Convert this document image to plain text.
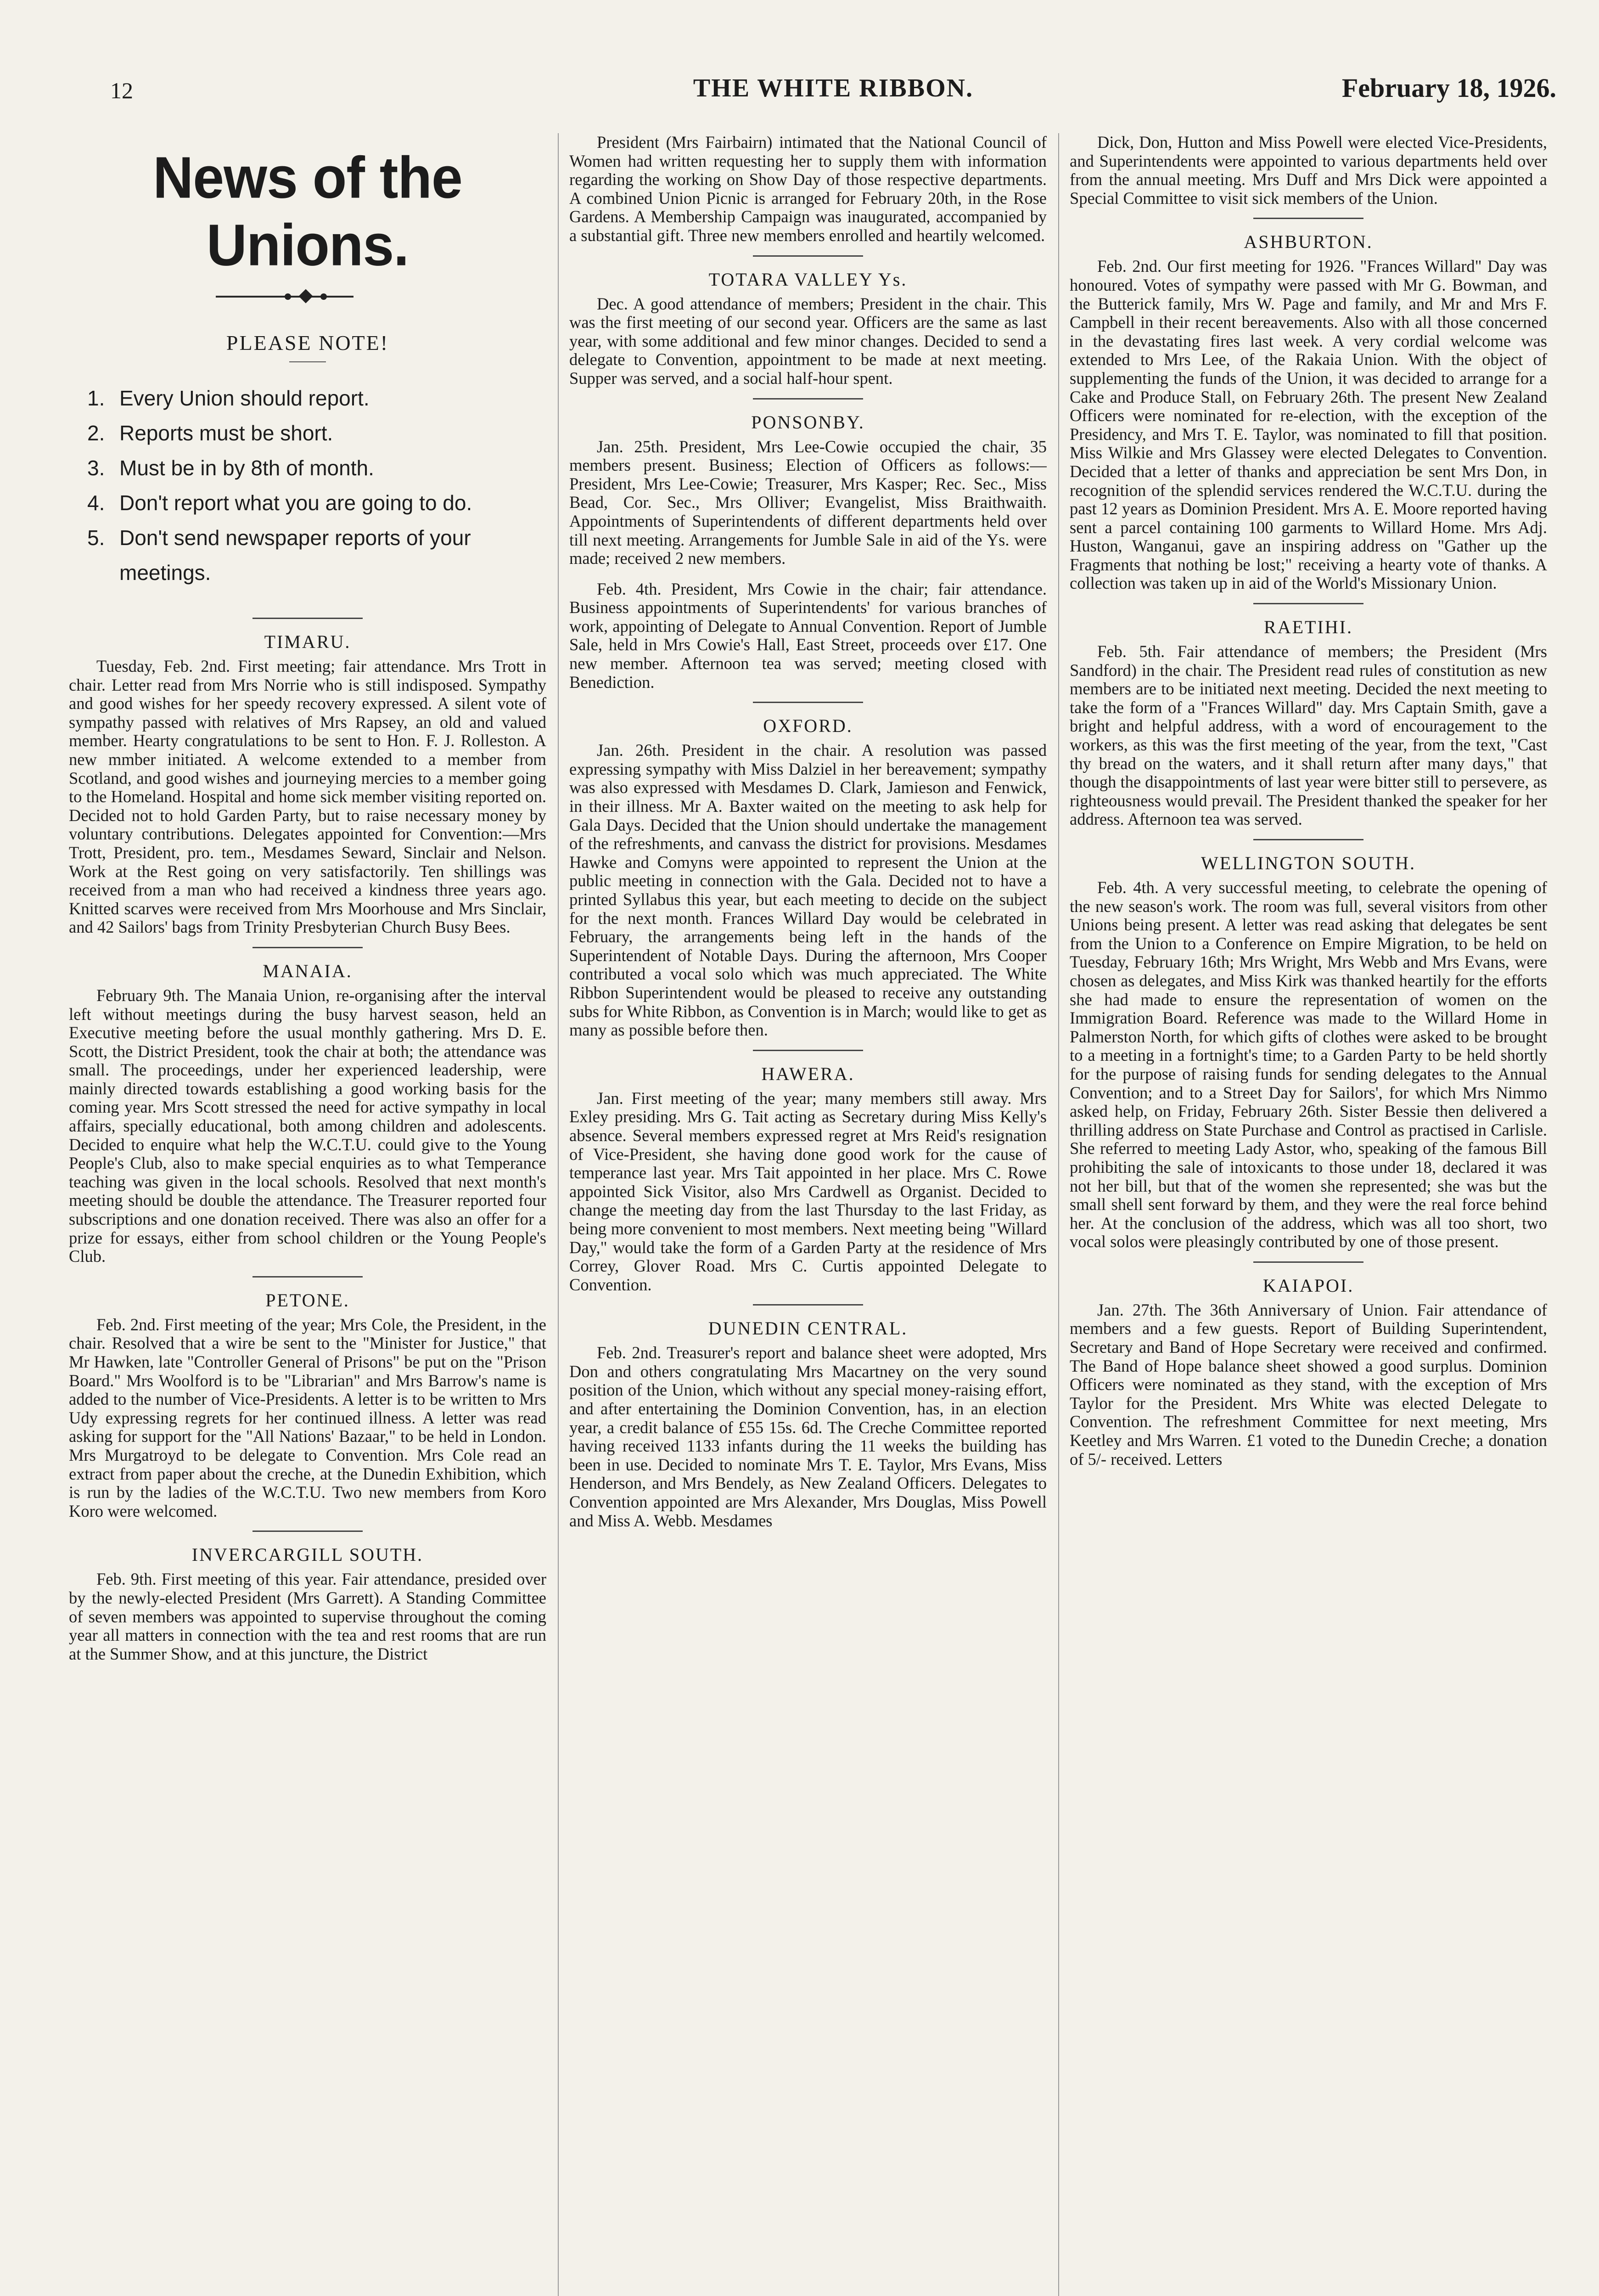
12	THE WHITE RIBBON.	February 18, 1926.
News of the Unions.
PLEASE NOTE!
1. Every Union should report.
2. Reports must be short.
3. Must be in by 8th of month.
4. Don't report what you are going to do.
5. Don't send newspaper reports of your meetings.
TIMARU.

Tuesday, Feb. 2nd. First meeting; fair attendance. Mrs Trott in chair. Letter read from Mrs Norrie who is still indisposed. Sympathy and good wishes for her speedy recovery expressed. A silent vote of sympathy passed with relatives of Mrs Rapsey, an old and valued member. Hearty congratulations to be sent to Hon. F. J. Rolleston. A new mmber initiated. A welcome extended to a member from Scotland, and good wishes and journeying mercies to a member going to the Homeland. Hospital and home sick member visiting reported on. Decided not to hold Garden Party, but to raise necessary money by voluntary contributions. Delegates appointed for Convention:—Mrs Trott, President, pro. tem., Mesdames Seward, Sinclair and Nelson. Work at the Rest going on very satisfactorily. Ten shillings was received from a man who had received a kindness three years ago. Knitted scarves were received from Mrs Moorhouse and Mrs Sinclair, and 42 Sailors' bags from Trinity Presbyterian Church Busy Bees.

MANAIA.

February 9th. The Manaia Union, re-organising after the interval left without meetings during the busy harvest season, held an Executive meeting before the usual monthly gathering. Mrs D. E. Scott, the District President, took the chair at both; the attendance was small. The proceedings, under her experienced leadership, were mainly directed towards establishing a good working basis for the coming year. Mrs Scott stressed the need for active sympathy in local affairs, specially educational, both among children and adolescents. Decided to enquire what help the W.C.T.U. could give to the Young People's Club, also to make special enquiries as to what Temperance teaching was given in the local schools. Resolved that next month's meeting should be double the attendance. The Treasurer reported four subscriptions and one donation received. There was also an offer for a prize for essays, either from school children or the Young People's Club.

PETONE.

Feb. 2nd. First meeting of the year; Mrs Cole, the President, in the chair. Resolved that a wire be sent to the "Minister for Justice," that Mr Hawken, late "Controller General of Prisons" be put on the "Prison Board." Mrs Woolford is to be "Librarian" and Mrs Barrow's name is added to the number of Vice-Presidents. A letter is to be written to Mrs Udy expressing regrets for her continued illness. A letter was read asking for support for the "All Nations' Bazaar," to be held in London. Mrs Murgatroyd to be delegate to Convention. Mrs Cole read an extract from paper about the creche, at the Dunedin Exhibition, which is run by the ladies of the W.C.T.U. Two new members from Koro Koro were welcomed.

INVERCARGILL SOUTH.

Feb. 9th. First meeting of this year. Fair attendance, presided over by the newly-elected President (Mrs Garrett). A Standing Committee of seven members was appointed to supervise throughout the coming year all matters in connection with the tea and rest rooms that are run at the Summer Show, and at this juncture, the District

President (Mrs Fairbairn) intimated that the National Council of Women had written requesting her to supply them with information regarding the working on Show Day of those respective departments. A combined Union Picnic is arranged for February 20th, in the Rose Gardens. A Membership Campaign was inaugurated, accompanied by a substantial gift. Three new members enrolled and heartily welcomed.

TOTARA VALLEY Ys.

Dec. A good attendance of members; President in the chair. This was the first meeting of our second year. Officers are the same as last year, with some additional and few minor changes. Decided to send a delegate to Convention, appointment to be made at next meeting. Supper was served, and a social half-hour spent.

PONSONBY.

Jan. 25th. President, Mrs Lee-Cowie occupied the chair, 35 members present. Business; Election of Officers as follows:—President, Mrs Lee-Cowie; Treasurer, Mrs Kasper; Rec. Sec., Miss Bead, Cor. Sec., Mrs Olliver; Evangelist, Miss Braithwaith. Appointments of Superintendents of different departments held over till next meeting. Arrangements for Jumble Sale in aid of the Ys. were made; received 2 new members.

Feb. 4th. President, Mrs Cowie in the chair; fair attendance. Business appointments of Superintendents' for various branches of work, appointing of Delegate to Annual Convention. Report of Jumble Sale, held in Mrs Cowie's Hall, East Street, proceeds over £17. One new member. Afternoon tea was served; meeting closed with Benediction.

OXFORD.

Jan. 26th. President in the chair. A resolution was passed expressing sympathy with Miss Dalziel in her bereavement; sympathy was also expressed with Mesdames D. Clark, Jamieson and Fenwick, in their illness. Mr A. Baxter waited on the meeting to ask help for Gala Days. Decided that the Union should undertake the management of the refreshments, and canvass the district for provisions. Mesdames Hawke and Comyns were appointed to represent the Union at the public meeting in connection with the Gala. Decided not to have a printed Syllabus this year, but each meeting to decide on the subject for the next month. Frances Willard Day would be celebrated in February, the arrangements being left in the hands of the Superintendent of Notable Days. During the afternoon, Mrs Cooper contributed a vocal solo which was much appreciated. The White Ribbon Superintendent would be pleased to receive any outstanding subs for White Ribbon, as Convention is in March; would like to get as many as possible before then.

HAWERA.

Jan. First meeting of the year; many members still away. Mrs Exley presiding. Mrs G. Tait acting as Secretary during Miss Kelly's absence. Several members expressed regret at Mrs Reid's resignation of Vice-President, she having done good work for the cause of temperance last year. Mrs Tait appointed in her place. Mrs C. Rowe appointed Sick Visitor, also Mrs Cardwell as Organist. Decided to change the meeting day from the last Thursday to the last Friday, as being more convenient to most members. Next meeting being "Willard Day," would take the form of a Garden Party at the residence of Mrs Correy, Glover Road. Mrs C. Curtis appointed Delegate to Convention.

DUNEDIN CENTRAL.

Feb. 2nd. Treasurer's report and balance sheet were adopted, Mrs Don and others congratulating Mrs Macartney on the very sound position of the Union, which without any special money-raising effort, and after entertaining the Dominion Convention, has, in an election year, a credit balance of £55 15s. 6d. The Creche Committee reported having received 1133 infants during the 11 weeks the building has been in use. Decided to nominate Mrs T. E. Taylor, Mrs Evans, Miss Henderson, and Mrs Bendely, as New Zealand Officers. Delegates to Convention appointed are Mrs Alexander, Mrs Douglas, Miss Powell and Miss A. Webb. Mesdames

Dick, Don, Hutton and Miss Powell were elected Vice-Presidents, and Superintendents were appointed to various departments held over from the annual meeting. Mrs Duff and Mrs Dick were appointed a Special Committee to visit sick members of the Union.

ASHBURTON.

Feb. 2nd. Our first meeting for 1926. "Frances Willard" Day was honoured. Votes of sympathy were passed with Mr G. Bowman, and the Butterick family, Mrs W. Page and family, and Mr and Mrs F. Campbell in their recent bereavements. Also with all those concerned in the devastating fires last week. A very cordial welcome was extended to Mrs Lee, of the Rakaia Union. With the object of supplementing the funds of the Union, it was decided to arrange for a Cake and Produce Stall, on February 26th. The present New Zealand Officers were nominated for re-election, with the exception of the Presidency, and Mrs T. E. Taylor, was nominated to fill that position. Miss Wilkie and Mrs Glassey were elected Delegates to Convention. Decided that a letter of thanks and appreciation be sent Mrs Don, in recognition of the splendid services rendered the W.C.T.U. during the past 12 years as Dominion President. Mrs A. E. Moore reported having sent a parcel containing 100 garments to Willard Home. Mrs Adj. Huston, Wanganui, gave an inspiring address on "Gather up the Fragments that nothing be lost;" receiving a hearty vote of thanks. A collection was taken up in aid of the World's Missionary Union.

RAETIHI.

Feb. 5th. Fair attendance of members; the President (Mrs Sandford) in the chair. The President read rules of constitution as new members are to be initiated next meeting. Decided the next meeting to take the form of a "Frances Willard" day. Mrs Captain Smith, gave a bright and helpful address, with a word of encouragement to the workers, as this was the first meeting of the year, from the text, "Cast thy bread on the waters, and it shall return after many days," that though the disappointments of last year were bitter still to persevere, as righteousness would prevail. The President thanked the speaker for her address. Afternoon tea was served.

WELLINGTON SOUTH.

Feb. 4th. A very successful meeting, to celebrate the opening of the new season's work. The room was full, several visitors from other Unions being present. A letter was read asking that delegates be sent from the Union to a Conference on Empire Migration, to be held on Tuesday, February 16th; Mrs Wright, Mrs Webb and Mrs Evans, were chosen as delegates, and Miss Kirk was thanked heartily for the efforts she had made to ensure the representation of women on the Immigration Board. Reference was made to the Willard Home in Palmerston North, for which gifts of clothes were asked to be brought to a meeting in a fortnight's time; to a Garden Party to be held shortly for the purpose of raising funds for sending delegates to the Annual Convention; and to a Street Day for Sailors', for which Mrs Nimmo asked help, on Friday, February 26th. Sister Bessie then delivered a thrilling address on State Purchase and Control as practised in Carlisle. She referred to meeting Lady Astor, who, speaking of the famous Bill prohibiting the sale of intoxicants to those under 18, declared it was not her bill, but that of the women she represented; she was but the small shell sent forward by them, and they were the real force behind her. At the conclusion of the address, which was all too short, two vocal solos were pleasingly contributed by one of those present.

KAIAPOI.

Jan. 27th. The 36th Anniversary of Union. Fair attendance of members and a few guests. Report of Building Superintendent, Secretary and Band of Hope Secretary were received and confirmed. The Band of Hope balance sheet showed a good surplus. Dominion Officers were nominated as they stand, with the exception of Mrs Taylor for the President. Mrs White was elected Delegate to Convention. The refreshment Committee for next meeting, Mrs Keetley and Mrs Warren. £1 voted to the Dunedin Creche; a donation of 5/- received. Letters
